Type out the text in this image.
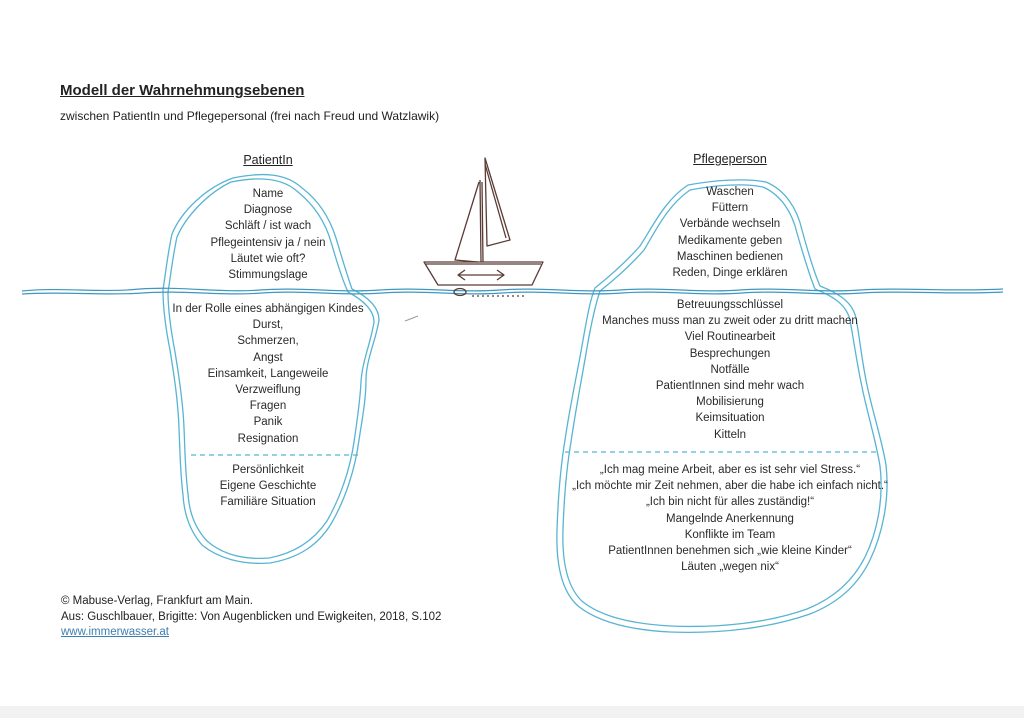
Modell der Wahrnehmungsebenen
zwischen PatientIn und Pflegepersonal (frei nach Freud und Watzlawik)
PatientIn	Pflegeperson
Name
Diagnose
Schläft / ist wach
Pflegeintensiv ja / nein
Läutet wie oft?
Stimmungslage
In der Rolle eines abhängigen Kindes
Durst,
Schmerzen,
Angst
Einsamkeit, Langeweile
Verzweiflung
Fragen
Panik
Resignation
Persönlichkeit
Eigene Geschichte
Familiäre Situation
Waschen
Füttern
Verbände wechseln
Medikamente geben
Maschinen bedienen
Reden, Dinge erklären
Betreuungsschlüssel
Manches muss man zu zweit oder zu dritt machen
Viel Routinearbeit
Besprechungen
Notfälle
PatientInnen sind mehr wach
Mobilisierung
Keimsituation
Kitteln
„Ich mag meine Arbeit, aber es ist sehr viel Stress.“
„Ich möchte mir Zeit nehmen, aber die habe ich einfach nicht.“
„Ich bin nicht für alles zuständig!“
Mangelnde Anerkennung
Konflikte im Team
PatientInnen benehmen sich „wie kleine Kinder“
Läuten „wegen nix“
© Mabuse-Verlag, Frankfurt am Main.
Aus: Guschlbauer, Brigitte: Von Augenblicken und Ewigkeiten, 2018, S.102
www.immerwasser.at
